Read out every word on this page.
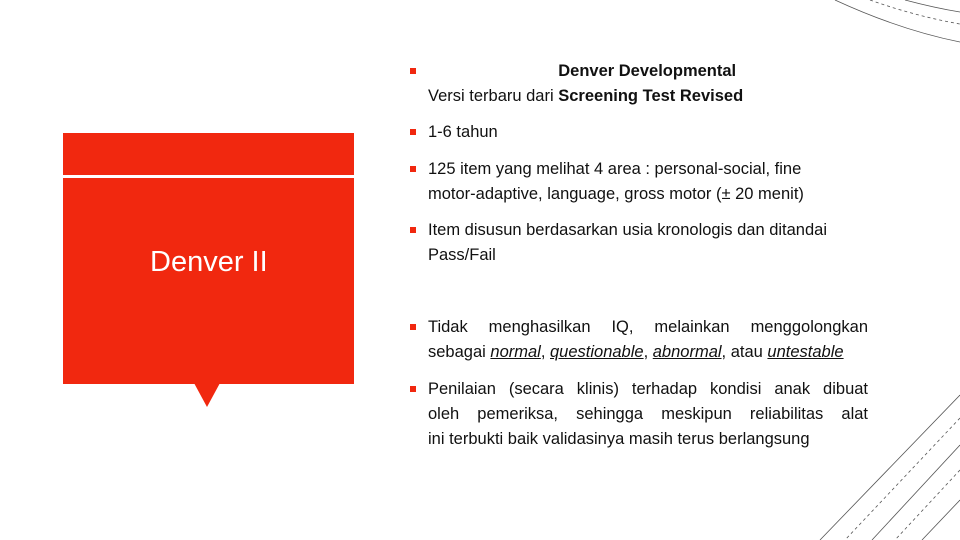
Denver II
Versi terbaru dari Denver Developmental Screening Test Revised
1-6 tahun
125 item yang melihat 4 area : personal-social, fine
motor-adaptive, language, gross motor (± 20 menit)
Item disusun berdasarkan usia kronologis dan ditandai
Pass/Fail
Tidak menghasilkan IQ, melainkan menggolongkan
sebagai normal, questionable, abnormal, atau untestable
Penilaian (secara klinis) terhadap kondisi anak dibuat
oleh pemeriksa, sehingga meskipun reliabilitas alat
ini terbukti baik validasinya masih terus berlangsung
